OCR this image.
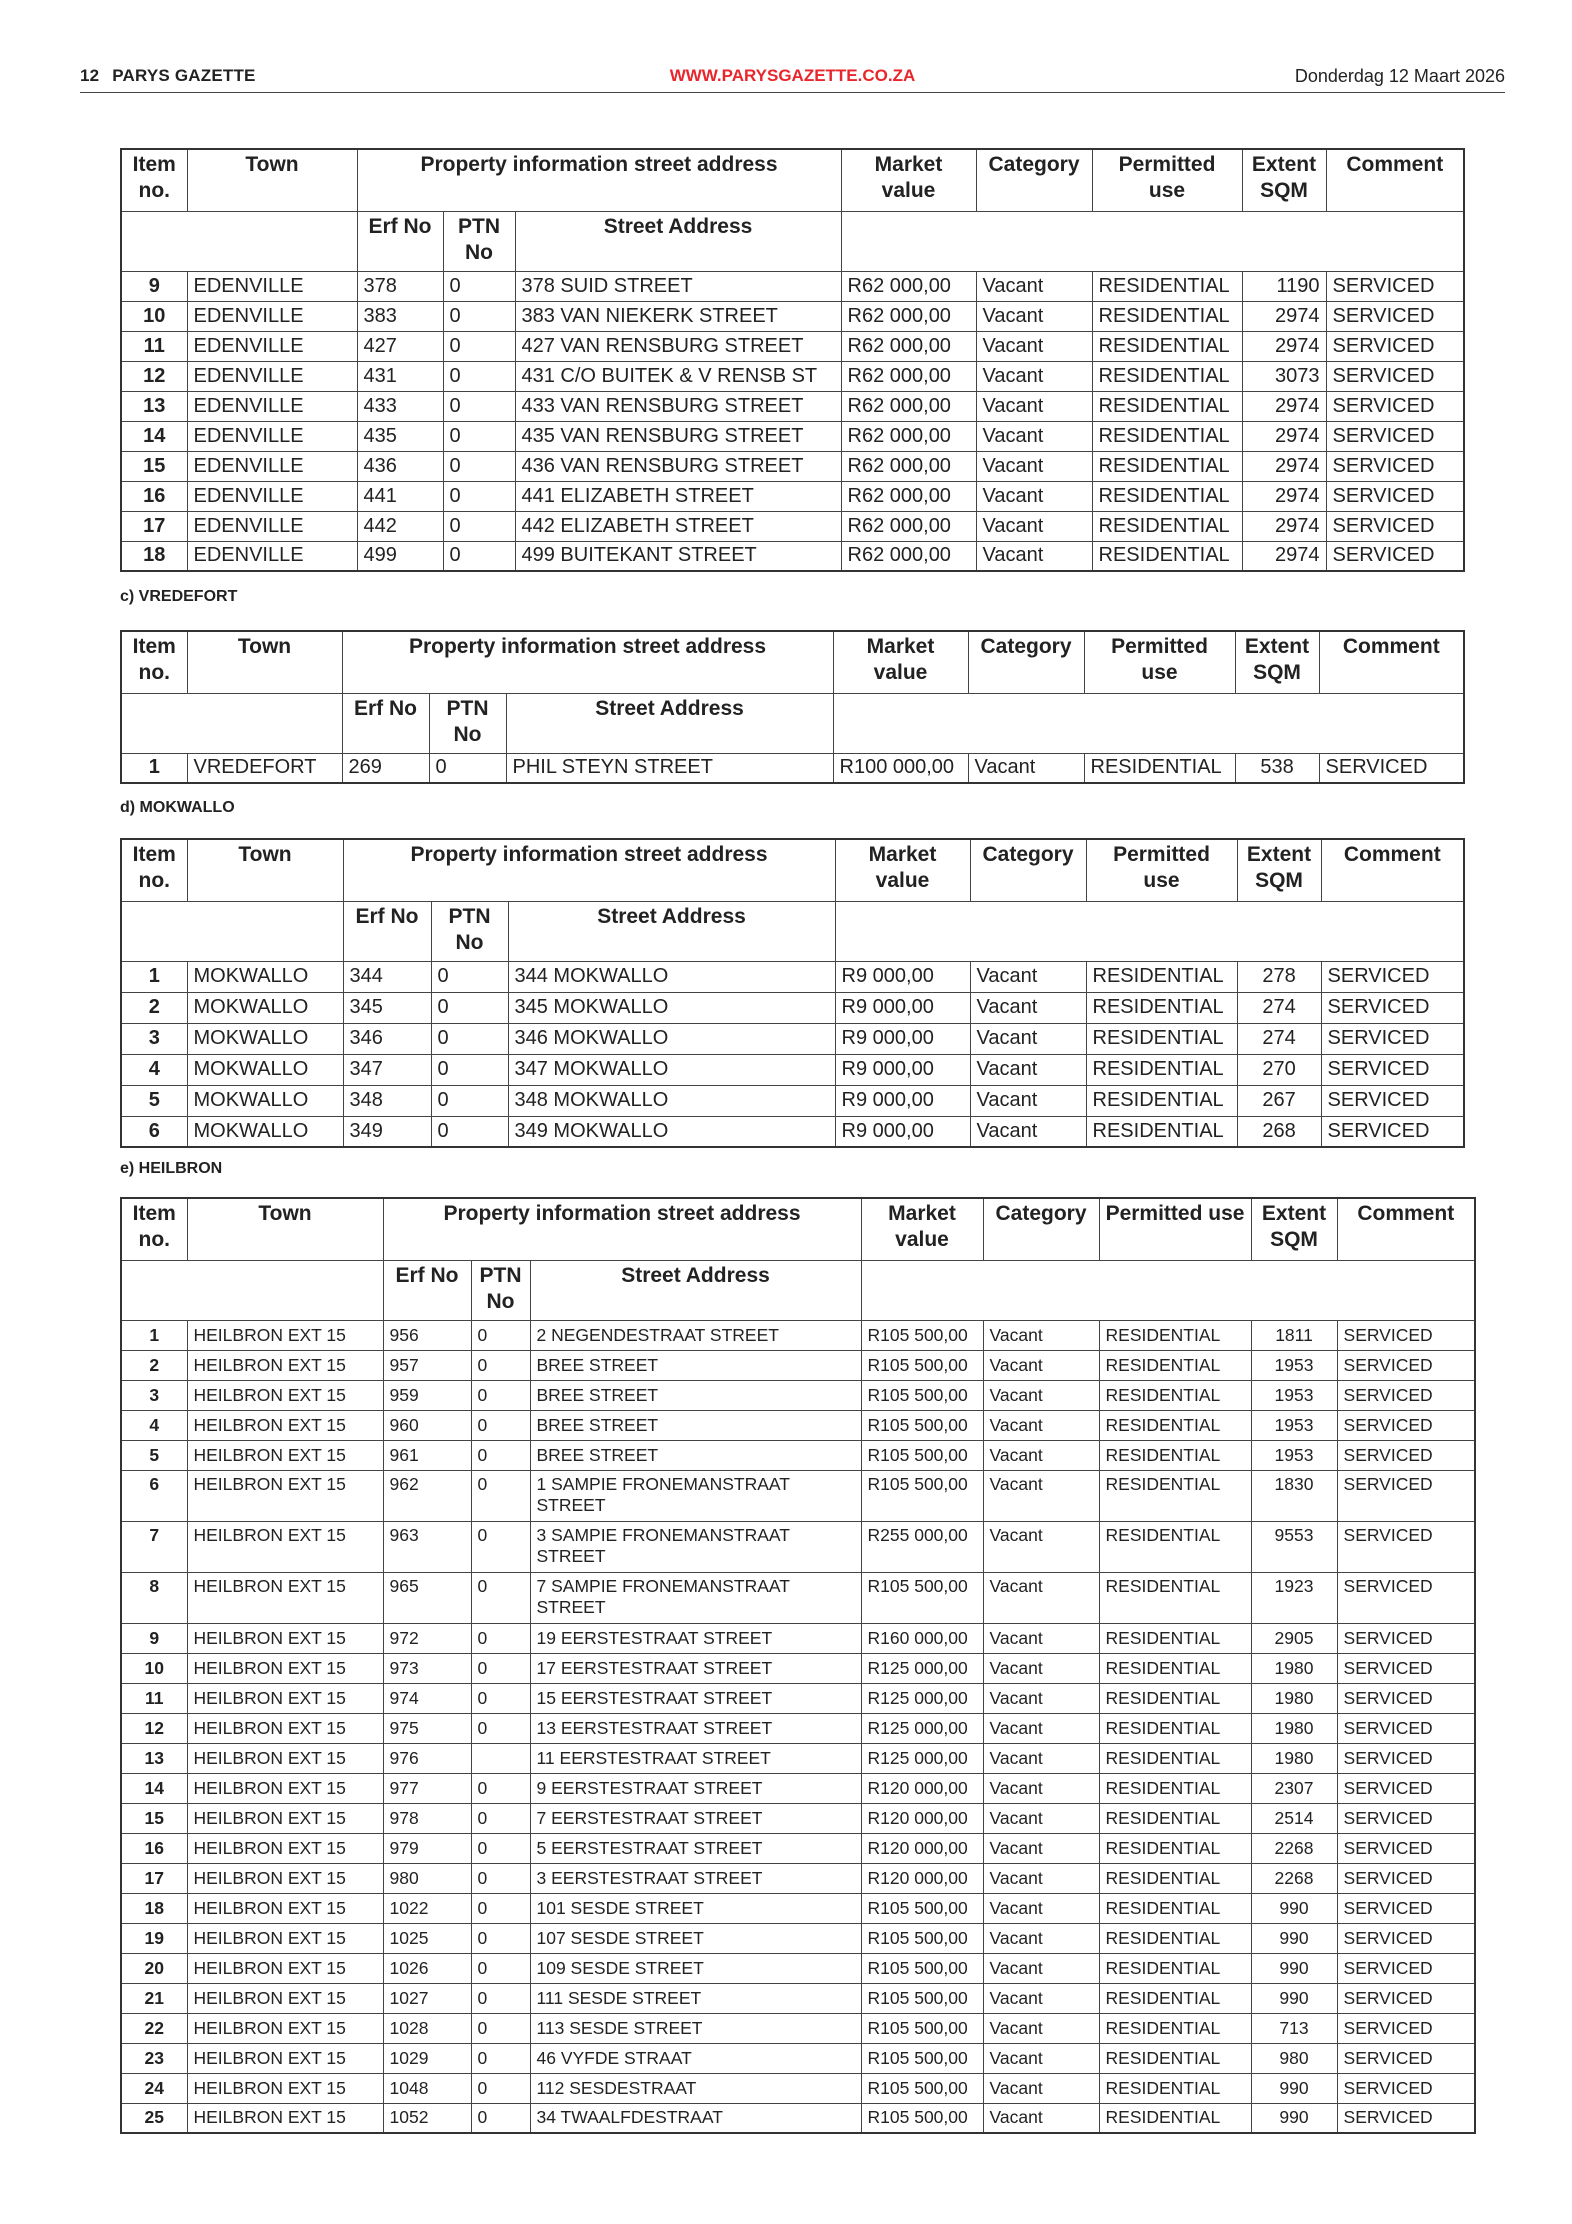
12 PARYS GAZETTE	WWW.PARYSGAZETTE.CO.ZA	Donderdag 12 Maart 2026
c) VREDEFORT
d) MOKWALLO
e) HEILBRON
Item no.	Town	Property information street address			Market value	Category	Permitted use	Extent SQM	Comment
		Erf No	PTN No	Street Address					
9	EDENVILLE	378	0	378 SUID STREET	R62 000,00	Vacant	RESIDENTIAL	1190	SERVICED
10	EDENVILLE	383	0	383 VAN NIEKERK STREET	R62 000,00	Vacant	RESIDENTIAL	2974	SERVICED
11	EDENVILLE	427	0	427 VAN RENSBURG STREET	R62 000,00	Vacant	RESIDENTIAL	2974	SERVICED
12	EDENVILLE	431	0	431 C/O BUITEK & V RENSB ST	R62 000,00	Vacant	RESIDENTIAL	3073	SERVICED
13	EDENVILLE	433	0	433 VAN RENSBURG STREET	R62 000,00	Vacant	RESIDENTIAL	2974	SERVICED
14	EDENVILLE	435	0	435 VAN RENSBURG STREET	R62 000,00	Vacant	RESIDENTIAL	2974	SERVICED
15	EDENVILLE	436	0	436 VAN RENSBURG STREET	R62 000,00	Vacant	RESIDENTIAL	2974	SERVICED
16	EDENVILLE	441	0	441 ELIZABETH STREET	R62 000,00	Vacant	RESIDENTIAL	2974	SERVICED
17	EDENVILLE	442	0	442 ELIZABETH STREET	R62 000,00	Vacant	RESIDENTIAL	2974	SERVICED
18	EDENVILLE	499	0	499 BUITEKANT STREET	R62 000,00	Vacant	RESIDENTIAL	2974	SERVICED
Item no.	Town	Property information street address			Market value	Category	Permitted use	Extent SQM	Comment
		Erf No	PTN No	Street Address					
1	VREDEFORT	269	0	PHIL STEYN STREET	R100 000,00	Vacant	RESIDENTIAL	538	SERVICED
Item no.	Town	Property information street address			Market value	Category	Permitted use	Extent SQM	Comment
		Erf No	PTN No	Street Address					
1	MOKWALLO	344	0	344 MOKWALLO	R9 000,00	Vacant	RESIDENTIAL	278	SERVICED
2	MOKWALLO	345	0	345 MOKWALLO	R9 000,00	Vacant	RESIDENTIAL	274	SERVICED
3	MOKWALLO	346	0	346 MOKWALLO	R9 000,00	Vacant	RESIDENTIAL	274	SERVICED
4	MOKWALLO	347	0	347 MOKWALLO	R9 000,00	Vacant	RESIDENTIAL	270	SERVICED
5	MOKWALLO	348	0	348 MOKWALLO	R9 000,00	Vacant	RESIDENTIAL	267	SERVICED
6	MOKWALLO	349	0	349 MOKWALLO	R9 000,00	Vacant	RESIDENTIAL	268	SERVICED
Item no.	Town	Property information street address			Market value	Category	Permitted use	Extent SQM	Comment
		Erf No	PTN No	Street Address					
1	HEILBRON EXT 15	956	0	2 NEGENDESTRAAT STREET	R105 500,00	Vacant	RESIDENTIAL	1811	SERVICED
2	HEILBRON EXT 15	957	0	BREE STREET	R105 500,00	Vacant	RESIDENTIAL	1953	SERVICED
3	HEILBRON EXT 15	959	0	BREE STREET	R105 500,00	Vacant	RESIDENTIAL	1953	SERVICED
4	HEILBRON EXT 15	960	0	BREE STREET	R105 500,00	Vacant	RESIDENTIAL	1953	SERVICED
5	HEILBRON EXT 15	961	0	BREE STREET	R105 500,00	Vacant	RESIDENTIAL	1953	SERVICED
6	HEILBRON EXT 15	962	0	1 SAMPIE FRONEMANSTRAAT STREET	R105 500,00	Vacant	RESIDENTIAL	1830	SERVICED
7	HEILBRON EXT 15	963	0	3 SAMPIE FRONEMANSTRAAT STREET	R255 000,00	Vacant	RESIDENTIAL	9553	SERVICED
8	HEILBRON EXT 15	965	0	7 SAMPIE FRONEMANSTRAAT STREET	R105 500,00	Vacant	RESIDENTIAL	1923	SERVICED
9	HEILBRON EXT 15	972	0	19 EERSTESTRAAT STREET	R160 000,00	Vacant	RESIDENTIAL	2905	SERVICED
10	HEILBRON EXT 15	973	0	17 EERSTESTRAAT STREET	R125 000,00	Vacant	RESIDENTIAL	1980	SERVICED
11	HEILBRON EXT 15	974	0	15 EERSTESTRAAT STREET	R125 000,00	Vacant	RESIDENTIAL	1980	SERVICED
12	HEILBRON EXT 15	975	0	13 EERSTESTRAAT STREET	R125 000,00	Vacant	RESIDENTIAL	1980	SERVICED
13	HEILBRON EXT 15	976		11 EERSTESTRAAT STREET	R125 000,00	Vacant	RESIDENTIAL	1980	SERVICED
14	HEILBRON EXT 15	977	0	9 EERSTESTRAAT STREET	R120 000,00	Vacant	RESIDENTIAL	2307	SERVICED
15	HEILBRON EXT 15	978	0	7 EERSTESTRAAT STREET	R120 000,00	Vacant	RESIDENTIAL	2514	SERVICED
16	HEILBRON EXT 15	979	0	5 EERSTESTRAAT STREET	R120 000,00	Vacant	RESIDENTIAL	2268	SERVICED
17	HEILBRON EXT 15	980	0	3 EERSTESTRAAT STREET	R120 000,00	Vacant	RESIDENTIAL	2268	SERVICED
18	HEILBRON EXT 15	1022	0	101 SESDE STREET	R105 500,00	Vacant	RESIDENTIAL	990	SERVICED
19	HEILBRON EXT 15	1025	0	107 SESDE STREET	R105 500,00	Vacant	RESIDENTIAL	990	SERVICED
20	HEILBRON EXT 15	1026	0	109 SESDE STREET	R105 500,00	Vacant	RESIDENTIAL	990	SERVICED
21	HEILBRON EXT 15	1027	0	111 SESDE STREET	R105 500,00	Vacant	RESIDENTIAL	990	SERVICED
22	HEILBRON EXT 15	1028	0	113 SESDE STREET	R105 500,00	Vacant	RESIDENTIAL	713	SERVICED
23	HEILBRON EXT 15	1029	0	46 VYFDE STRAAT	R105 500,00	Vacant	RESIDENTIAL	980	SERVICED
24	HEILBRON EXT 15	1048	0	112 SESDESTRAAT	R105 500,00	Vacant	RESIDENTIAL	990	SERVICED
25	HEILBRON EXT 15	1052	0	34 TWAALFDESTRAAT	R105 500,00	Vacant	RESIDENTIAL	990	SERVICED
